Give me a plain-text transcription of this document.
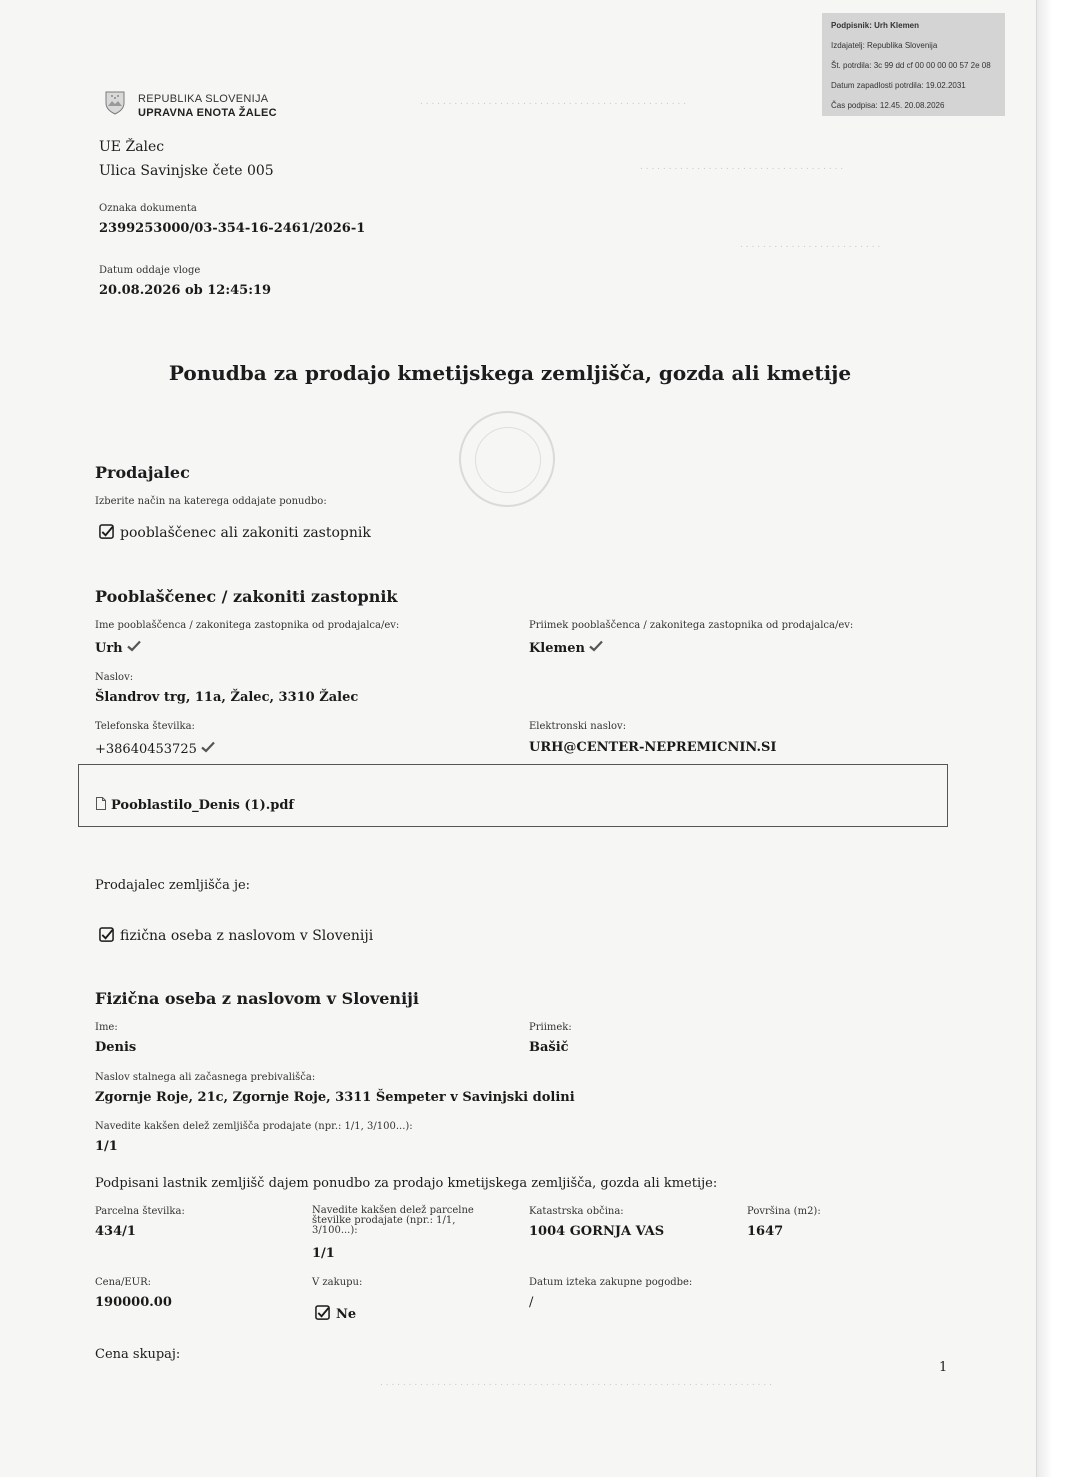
. . . . . . . . . . . . . . . . . . . . . . . . . . . . . . . . . . . . . . . . . . . . . . .
. . . . . . . . . . . . . . . . . . . . . . . . . . . . . . . . . . . .
. . . . . . . . . . . . . . . . . . . . . . . . .
. . . . . . . . . . . . . . . . . . . . . . . . . . . . . . . . . . . . . . . . . . . . . . . . . . . . . . . . . . . . . . . . . . . . .
Podpisnik: Urh Klemen
Izdajatelj: Republika Slovenija
Št. potrdila: 3c 99 dd cf 00 00 00 00 57 2e 08
Datum zapadlosti potrdila: 19.02.2031
Čas podpisa: 12.45. 20.08.2026
REPUBLIKA SLOVENIJA
UPRAVNA ENOTA ŽALEC
UE Žalec
Ulica Savinjske čete 005
Oznaka dokumenta
2399253000/03-354-16-2461/2026-1
Datum oddaje vloge
20.08.2026 ob 12:45:19
Ponudba za prodajo kmetijskega zemljišča, gozda ali kmetije
Prodajalec
Izberite način na katerega oddajate ponudbo:
pooblaščenec ali zakoniti zastopnik
Pooblaščenec / zakoniti zastopnik
Ime pooblaščenca / zakonitega zastopnika od prodajalca/ev:
Urh
Priimek pooblaščenca / zakonitega zastopnika od prodajalca/ev:
Klemen
Naslov:
Šlandrov trg, 11a, Žalec, 3310 Žalec
Telefonska številka:
+38640453725
Elektronski naslov:
URH@CENTER-NEPREMICNIN.SI
Pooblastilo_Denis (1).pdf
Prodajalec zemljišča je:
fizična oseba z naslovom v Sloveniji
Fizična oseba z naslovom v Sloveniji
Ime:
Denis
Priimek:
Bašič
Naslov stalnega ali začasnega prebivališča:
Zgornje Roje, 21c, Zgornje Roje, 3311 Šempeter v Savinjski dolini
Navedite kakšen delež zemljišča prodajate (npr.: 1/1, 3/100...):
1/1
Podpisani lastnik zemljišč dajem ponudbo za prodajo kmetijskega zemljišča, gozda ali kmetije:
Parcelna številka:
434/1
Navedite kakšen delež parcelne številke prodajate (npr.: 1/1, 3/100...):
1/1
Katastrska občina:
1004 GORNJA VAS
Površina (m2):
1647
Cena/EUR:
190000.00
V zakupu:
Ne
Datum izteka zakupne pogodbe:
/
Cena skupaj:
1
